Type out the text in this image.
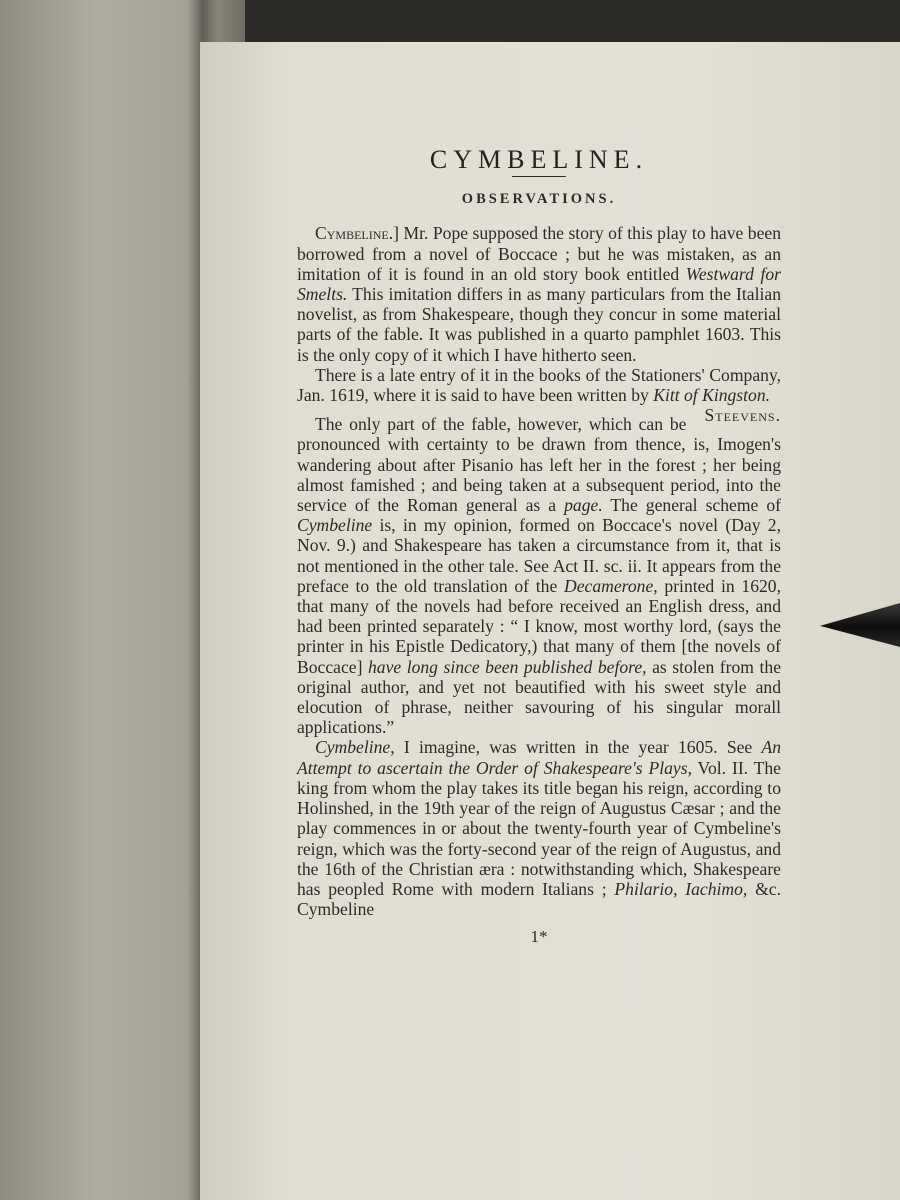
CYMBELINE.
OBSERVATIONS.

Cymbeline.] Mr. Pope supposed the story of this play to have been borrowed from a novel of Boccace ; but he was mistaken, as an imitation of it is found in an old story book entitled Westward for Smelts. This imitation differs in as many particulars from the Italian novelist, as from Shakespeare, though they concur in some material parts of the fable. It was published in a quarto pamphlet 1603. This is the only copy of it which I have hitherto seen.

There is a late entry of it in the books of the Stationers' Company, Jan. 1619, where it is said to have been written by Kitt of Kingston.
Steevens.

The only part of the fable, however, which can be pronounced with certainty to be drawn from thence, is, Imogen's wandering about after Pisanio has left her in the forest ; her being almost famished ; and being taken at a subsequent period, into the service of the Roman general as a page. The general scheme of Cymbeline is, in my opinion, formed on Boccace's novel (Day 2, Nov. 9.) and Shakespeare has taken a circumstance from it, that is not mentioned in the other tale. See Act II. sc. ii. It appears from the preface to the old translation of the Decamerone, printed in 1620, that many of the novels had before received an English dress, and had been printed separately : “ I know, most worthy lord, (says the printer in his Epistle Dedicatory,) that many of them [the novels of Boccace] have long since been published before, as stolen from the original author, and yet not beautified with his sweet style and elocution of phrase, neither savouring of his singular morall applications.”

Cymbeline, I imagine, was written in the year 1605. See An Attempt to ascertain the Order of Shakespeare's Plays, Vol. II. The king from whom the play takes its title began his reign, according to Holinshed, in the 19th year of the reign of Augustus Cæsar ; and the play commences in or about the twenty-fourth year of Cymbeline's reign, which was the forty-second year of the reign of Augustus, and the 16th of the Christian æra : notwithstanding which, Shakespeare has peopled Rome with modern Italians ; Philario, Iachimo, &c. Cymbeline

1*
